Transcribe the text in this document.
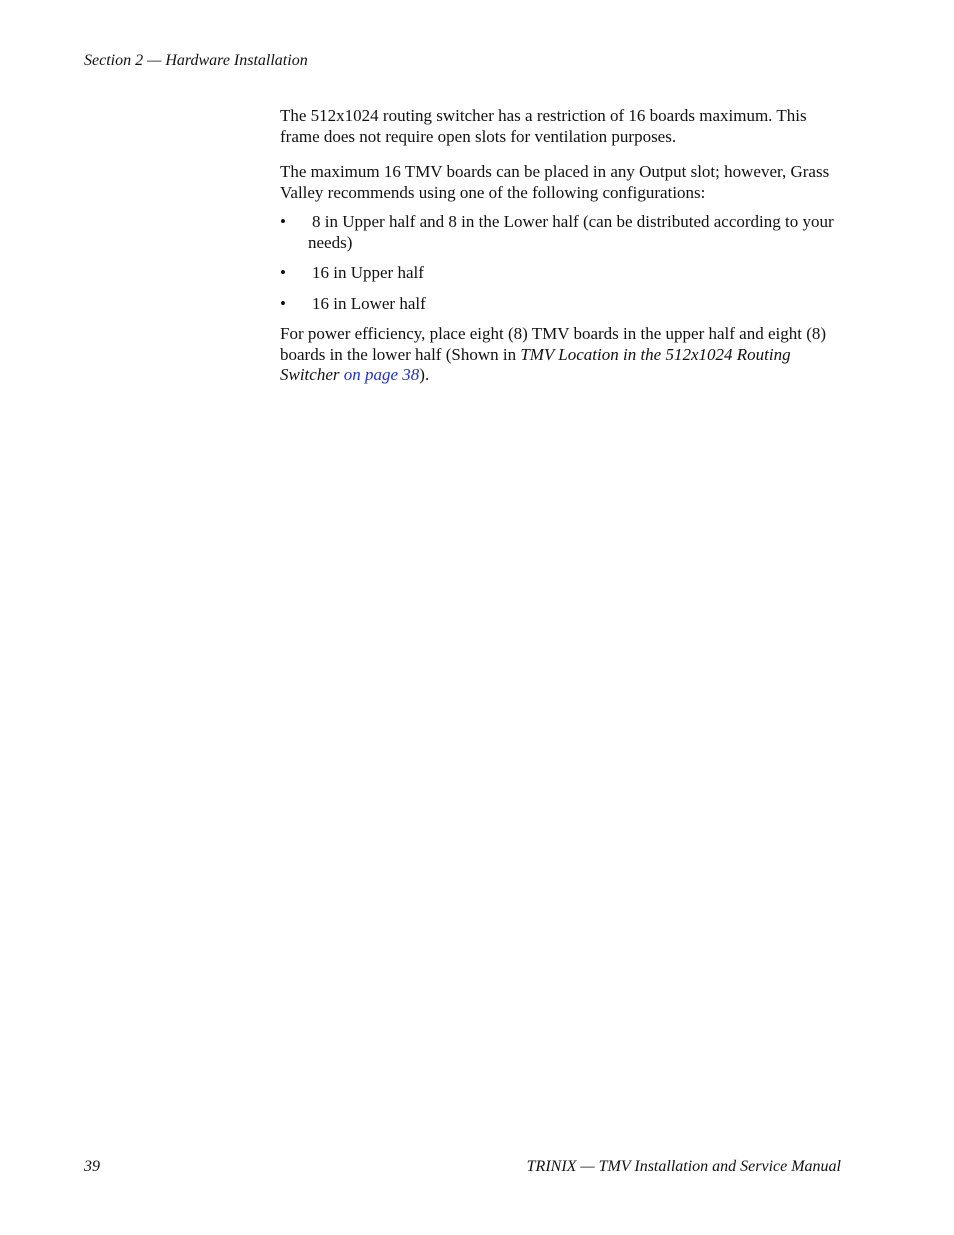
Section 2 — Hardware Installation

The 512x1024 routing switcher has a restriction of 16 boards maximum. This frame does not require open slots for ventilation purposes.

The maximum 16 TMV boards can be placed in any Output slot; however, Grass Valley recommends using one of the following configurations:

• 8 in Upper half and 8 in the Lower half (can be distributed according to your needs)
• 16 in Upper half
• 16 in Lower half

For power efficiency, place eight (8) TMV boards in the upper half and eight (8) boards in the lower half (Shown in TMV Location in the 512x1024 Routing Switcher on page 38).

39	TRINIX — TMV Installation and Service Manual
